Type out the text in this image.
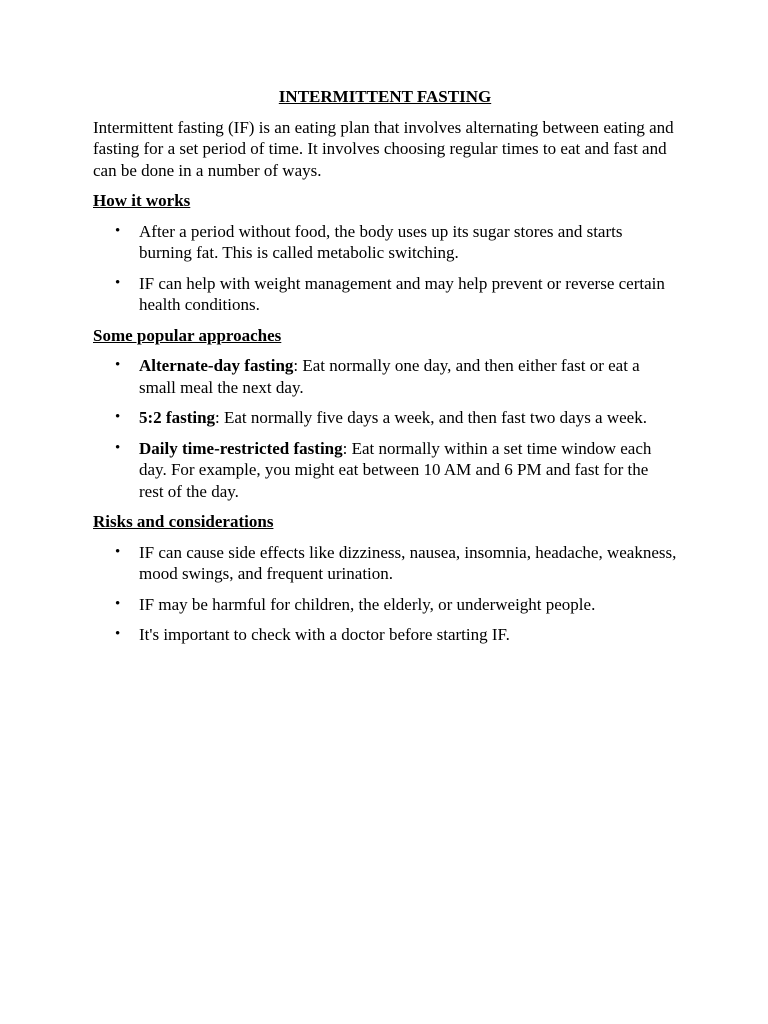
INTERMITTENT FASTING
Intermittent fasting (IF) is an eating plan that involves alternating between eating and fasting for a set period of time. It involves choosing regular times to eat and fast and can be done in a number of ways.
How it works
• After a period without food, the body uses up its sugar stores and starts burning fat. This is called metabolic switching.
• IF can help with weight management and may help prevent or reverse certain health conditions.
Some popular approaches
• Alternate-day fasting: Eat normally one day, and then either fast or eat a small meal the next day.
• 5:2 fasting: Eat normally five days a week, and then fast two days a week.
• Daily time-restricted fasting: Eat normally within a set time window each day. For example, you might eat between 10 AM and 6 PM and fast for the rest of the day.
Risks and considerations
• IF can cause side effects like dizziness, nausea, insomnia, headache, weakness, mood swings, and frequent urination.
• IF may be harmful for children, the elderly, or underweight people.
• It's important to check with a doctor before starting IF.
